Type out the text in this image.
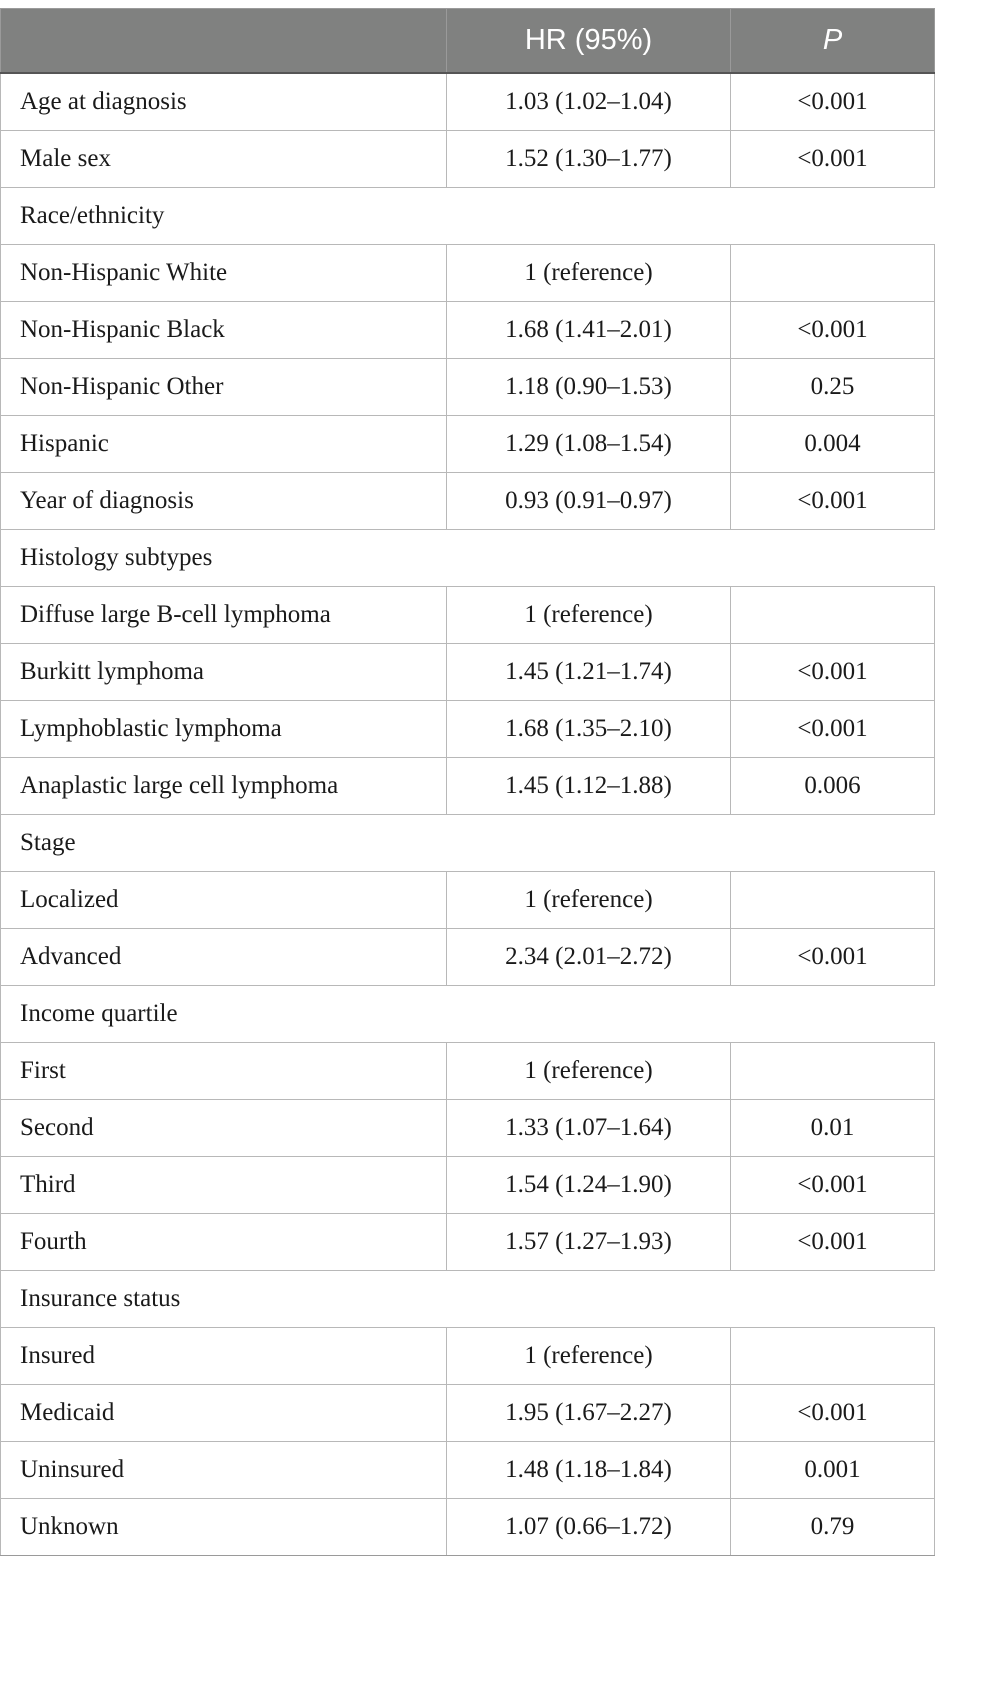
	HR (95%)	P
Age at diagnosis	1.03 (1.02–1.04)	<0.001
Male sex	1.52 (1.30–1.77)	<0.001
Race/ethnicity		
Non-Hispanic White	1 (reference)	
Non-Hispanic Black	1.68 (1.41–2.01)	<0.001
Non-Hispanic Other	1.18 (0.90–1.53)	0.25
Hispanic	1.29 (1.08–1.54)	0.004
Year of diagnosis	0.93 (0.91–0.97)	<0.001
Histology subtypes		
Diffuse large B-cell lymphoma	1 (reference)	
Burkitt lymphoma	1.45 (1.21–1.74)	<0.001
Lymphoblastic lymphoma	1.68 (1.35–2.10)	<0.001
Anaplastic large cell lymphoma	1.45 (1.12–1.88)	0.006
Stage		
Localized	1 (reference)	
Advanced	2.34 (2.01–2.72)	<0.001
Income quartile		
First	1 (reference)	
Second	1.33 (1.07–1.64)	0.01
Third	1.54 (1.24–1.90)	<0.001
Fourth	1.57 (1.27–1.93)	<0.001
Insurance status		
Insured	1 (reference)	
Medicaid	1.95 (1.67–2.27)	<0.001
Uninsured	1.48 (1.18–1.84)	0.001
Unknown	1.07 (0.66–1.72)	0.79
